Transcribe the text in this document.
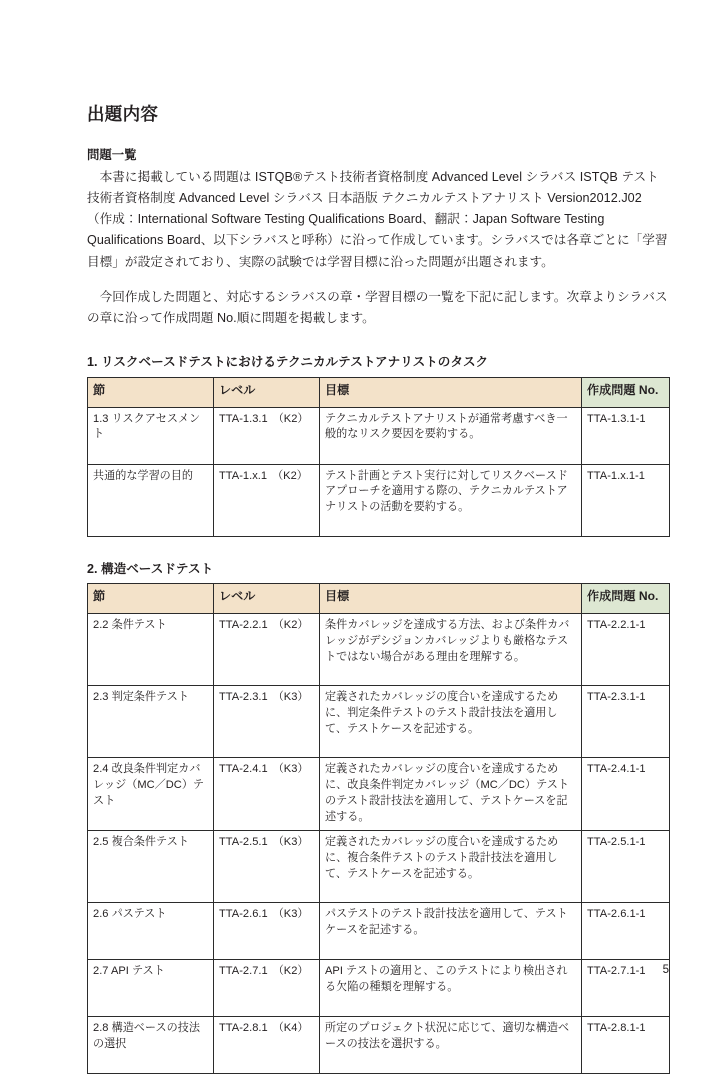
出題内容
問題一覧

　本書に掲載している問題は ISTQB®テスト技術者資格制度 Advanced Level シラバス ISTQB テスト技術者資格制度 Advanced Level シラバス 日本語版 テクニカルテストアナリスト Version2012.J02 （作成：International Software Testing Qualifications Board、翻訳：Japan Software Testing Qualifications Board、以下シラバスと呼称）に沿って作成しています。シラバスでは各章ごとに「学習目標」が設定されており、実際の試験では学習目標に沿った問題が出題されます。

　今回作成した問題と、対応するシラバスの章・学習目標の一覧を下記に記します。次章よりシラバスの章に沿って作成問題 No.順に問題を掲載します。

1. リスクベースドテストにおけるテクニカルテストアナリストのタスク
節	レベル	目標	作成問題 No.
1.3 リスクアセスメント	TTA-1.3.1 （K2）	テクニカルテストアナリストが通常考慮すべき一般的なリスク要因を要約する。	TTA-1.3.1-1
共通的な学習の目的	TTA-1.x.1 （K2）	テスト計画とテスト実行に対してリスクベースドアプローチを適用する際の、テクニカルテストアナリストの活動を要約する。	TTA-1.x.1-1
2. 構造ベースドテスト
節	レベル	目標	作成問題 No.
2.2 条件テスト	TTA-2.2.1 （K2）	条件カバレッジを達成する方法、および条件カバレッジがデシジョンカバレッジよりも厳格なテストではない場合がある理由を理解する。	TTA-2.2.1-1
2.3 判定条件テスト	TTA-2.3.1 （K3）	定義されたカバレッジの度合いを達成するために、判定条件テストのテスト設計技法を適用して、テストケースを記述する。	TTA-2.3.1-1
2.4 改良条件判定カバレッジ（MC／DC）テスト	TTA-2.4.1 （K3）	定義されたカバレッジの度合いを達成するために、改良条件判定カバレッジ（MC／DC）テストのテスト設計技法を適用して、テストケースを記述する。	TTA-2.4.1-1
2.5 複合条件テスト	TTA-2.5.1 （K3）	定義されたカバレッジの度合いを達成するために、複合条件テストのテスト設計技法を適用して、テストケースを記述する。	TTA-2.5.1-1
2.6 パステスト	TTA-2.6.1 （K3）	パステストのテスト設計技法を適用して、テストケースを記述する。	TTA-2.6.1-1
2.7 API テスト	TTA-2.7.1 （K2）	API テストの適用と、このテストにより検出される欠陥の種類を理解する。	TTA-2.7.1-1
2.8 構造ベースの技法の選択	TTA-2.8.1 （K4）	所定のプロジェクト状況に応じて、適切な構造ベースの技法を選択する。	TTA-2.8.1-1
5
